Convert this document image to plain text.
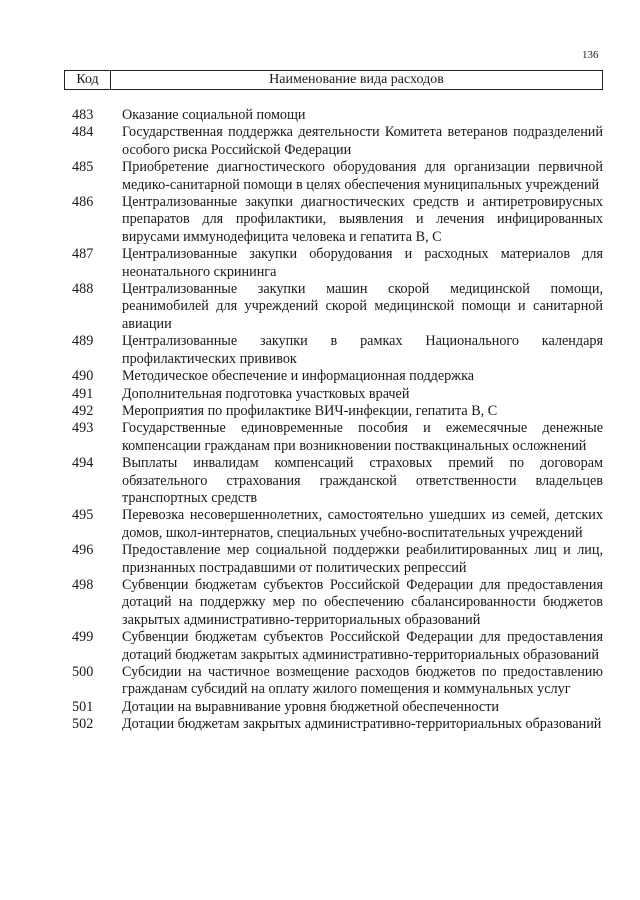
136
Код	Наименование вида расходов
483	Оказание социальной помощи
484	Государственная поддержка деятельности Комитета ветеранов подразделений особого риска Российской Федерации
485	Приобретение диагностического оборудования для организации первичной медико-санитарной помощи в целях обеспечения муниципальных учреждений
486	Централизованные закупки диагностических средств и антиретровирусных препаратов для профилактики, выявления и лечения инфицированных вирусами иммунодефицита человека и гепатита B, C
487	Централизованные закупки оборудования и расходных материалов для неонатального скрининга
488	Централизованные закупки машин скорой медицинской помощи, реанимобилей для учреждений скорой медицинской помощи и санитарной авиации
489	Централизованные закупки в рамках Национального календаря профилактических прививок
490	Методическое обеспечение и информационная поддержка
491	Дополнительная подготовка участковых врачей
492	Мероприятия по профилактике ВИЧ-инфекции, гепатита B, C
493	Государственные единовременные пособия и ежемесячные денежные компенсации гражданам при возникновении поствакцинальных осложнений
494	Выплаты инвалидам компенсаций страховых премий по договорам обязательного страхования гражданской ответственности владельцев транспортных средств
495	Перевозка несовершеннолетних, самостоятельно ушедших из семей, детских домов, школ-интернатов, специальных учебно-воспитательных учреждений
496	Предоставление мер социальной поддержки реабилитированных лиц и лиц, признанных пострадавшими от политических репрессий
498	Субвенции бюджетам субъектов Российской Федерации для предоставления дотаций на поддержку мер по обеспечению сбалансированности бюджетов закрытых административно-территориальных образований
499	Субвенции бюджетам субъектов Российской Федерации для предоставления дотаций бюджетам закрытых административно-территориальных образований
500	Субсидии на частичное возмещение расходов бюджетов по предоставлению гражданам субсидий на оплату жилого помещения и коммунальных услуг
501	Дотации на выравнивание уровня бюджетной обеспеченности
502	Дотации бюджетам закрытых административно-территориальных образований
